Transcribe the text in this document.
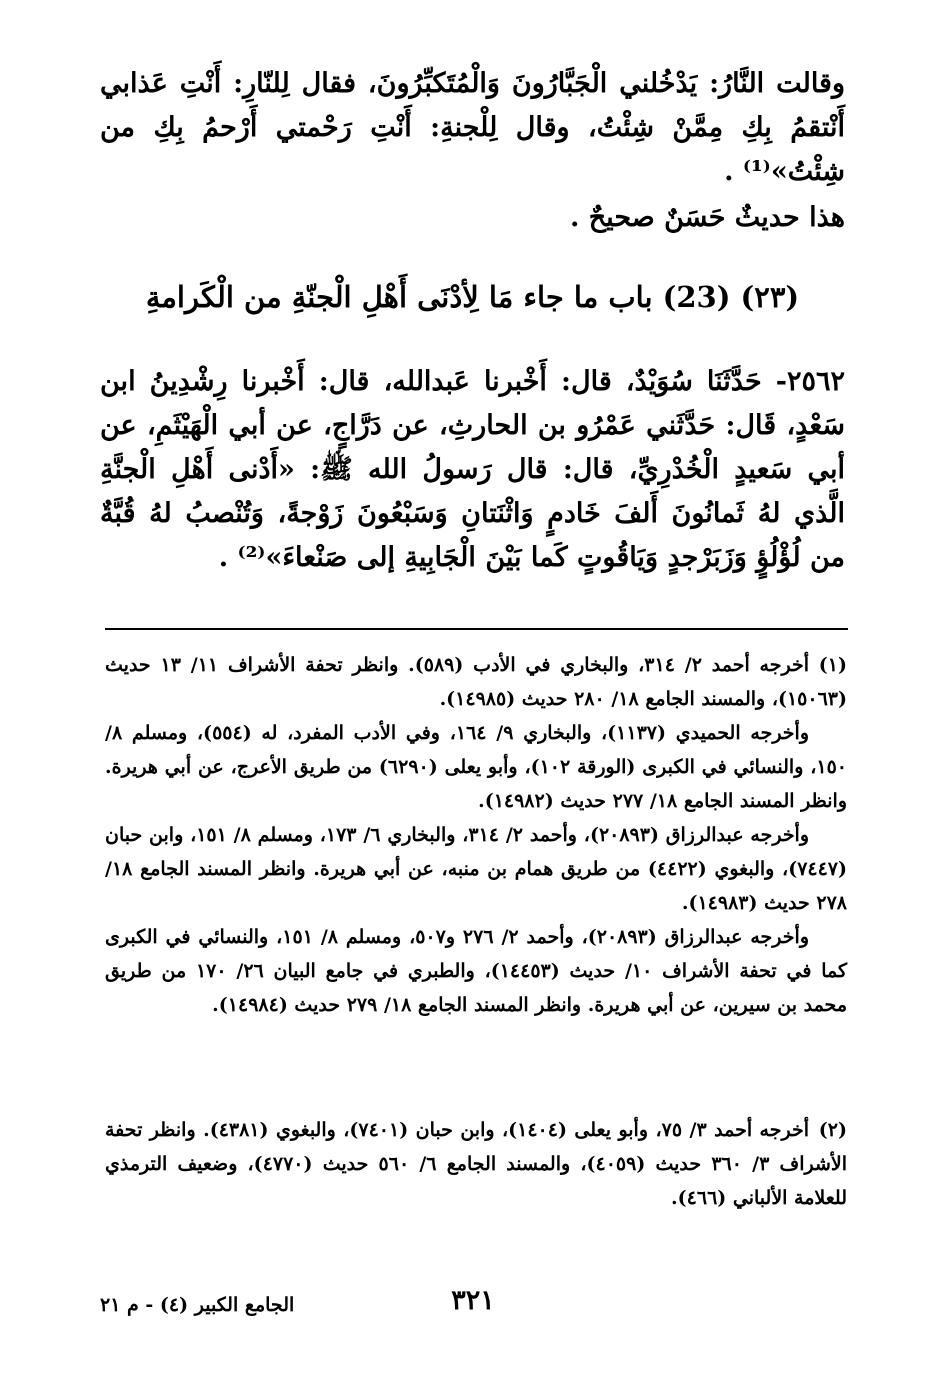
وقالت النَّارُ: يَدْخُلني الْجَبَّارُونَ وَالْمُتَكبِّرُونَ، فقال لِلنّارِ: أَنْتِ عَذابي أَنْتقمُ بِكِ مِمَّنْ شِئْتُ، وقال لِلْجنةِ: أَنْتِ رَحْمتي أَرْحمُ بِكِ من شِئْتُ»⁽¹⁾ .
هذا حديثٌ حَسَنٌ صحيحٌ .
(٢٣) (23) باب ما جاء مَا لِأدْنَى أَهْلِ الْجنّةِ من الْكَرامةِ
٢٥٦٢- حَدَّثَنَا سُوَيْدٌ، قال: أَخْبرنا عَبدالله، قال: أَخْبرنا رِشْدِينُ ابن سَعْدٍ، قَال: حَدَّثَني عَمْرُو بن الحارثِ، عن دَرَّاجٍ، عن أبي الْهَيْثَمِ، عن أبي سَعيدٍ الْخُدْرِيِّ، قال: قال رَسولُ الله ﷺ: «أَدْنى أَهْلِ الْجنَّةِ الَّذي لهُ ثَمانُونَ أَلفَ خَادمٍ وَاثْنَتانِ وَسَبْعُونَ زَوْجةً، وَتُنْصبُ لهُ قُبَّةٌ من لُؤْلُؤٍ وَزَبَرْجدٍ وَيَاقُوتٍ كَما بَيْنَ الْجَابِيةِ إلى صَنْعاءَ»⁽²⁾ .

(١)أخرجه أحمد ٢/ ٣١٤، والبخاري في الأدب (٥٨٩). وانظر تحفة الأشراف ١١/ ١٣ حديث (١٥٠٦٣)، والمسند الجامع ١٨/ ٢٨٠ حديث (١٤٩٨٥).

وأخرجه الحميدي (١١٣٧)، والبخاري ٩/ ١٦٤، وفي الأدب المفرد، له (٥٥٤)، ومسلم ٨/ ١٥٠، والنسائي في الكبرى (الورقة ١٠٢)، وأبو يعلى (٦٢٩٠) من طريق الأعرج، عن أبي هريرة. وانظر المسند الجامع ١٨/ ٢٧٧ حديث (١٤٩٨٢).

وأخرجه عبدالرزاق (٢٠٨٩٣)، وأحمد ٢/ ٣١٤، والبخاري ٦/ ١٧٣، ومسلم ٨/ ١٥١، وابن حبان (٧٤٤٧)، والبغوي (٤٤٢٢) من طريق همام بن منبه، عن أبي هريرة. وانظر المسند الجامع ١٨/ ٢٧٨ حديث (١٤٩٨٣).

وأخرجه عبدالرزاق (٢٠٨٩٣)، وأحمد ٢/ ٢٧٦ و٥٠٧، ومسلم ٨/ ١٥١، والنسائي في الكبرى كما في تحفة الأشراف ١٠/ حديث (١٤٤٥٣)، والطبري في جامع البيان ٢٦/ ١٧٠ من طريق محمد بن سيرين، عن أبي هريرة. وانظر المسند الجامع ١٨/ ٢٧٩ حديث (١٤٩٨٤).

(٢)أخرجه أحمد ٣/ ٧٥، وأبو يعلى (١٤٠٤)، وابن حبان (٧٤٠١)، والبغوي (٤٣٨١). وانظر تحفة الأشراف ٣/ ٣٦٠ حديث (٤٠٥٩)، والمسند الجامع ٦/ ٥٦٠ حديث (٤٧٧٠)، وضعيف الترمذي للعلامة الألباني (٤٦٦).

٣٢١
الجامع الكبير (٤) - م ٢١
